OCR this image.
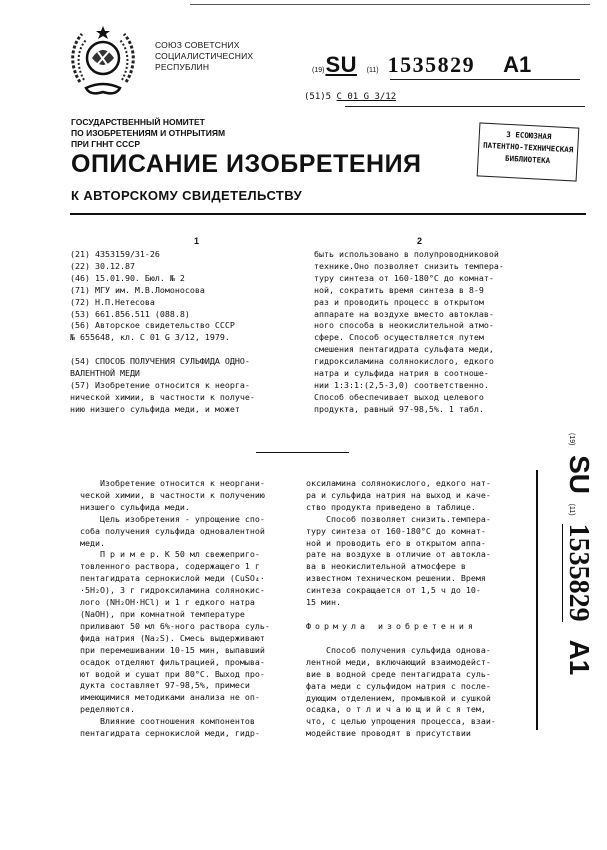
СОЮЗ СОВЕТСНИХ
СОЦИАЛИСТИЧЕСНИХ
РЕСПУБЛИН	(19)SU (11) 1535829 A1
(51)5 С 01 G 3/12
З ЕСОЮЗНАЯ
ПАТЕНТНО-ТЕХНИЧЕСКАЯ
БИБЛИОТЕКА
ГОСУДАРСТВЕННЫЙ НОМИТЕТ
ПО ИЗОБРЕТЕНИЯМ И ОТНРЫТИЯМ
ПРИ ГННТ СССР
ОПИСАНИЕ ИЗОБРЕТЕНИЯ
К АВТОРСКОМУ СВИДЕТЕЛЬСТВУ
1
(21) 4353159/31-26
(22) 30.12.87
(46) 15.01.90. Бюл. № 2
(71) МГУ им. М.В.Ломоносова
(72) Н.П.Нетесова
(53) 661.856.511 (088.8)
(56) Авторское свидетельство СССР
№ 655648, кл. С 01 G 3/12, 1979.
(54) СПОСОБ ПОЛУЧЕНИЯ СУЛЬФИДА ОДНО-
ВАЛЕНТНОЙ МЕДИ
(57) Изобретение относится к неорга-
нической химии, в частности к получе-
нию низшего сульфида меди, и может
2
быть использовано в полупроводниковой
технике.Оно позволяет снизить темпера-
туру синтеза от 160-180°С до комнат-
ной, сократить время синтеза в 8-9
раз и проводить процесс в открытом
аппарате на воздухе вместо автоклав-
ного способа в неокислительной атмо-
сфере. Способ осуществляется путем
смешения пентагидрата сульфата меди,
гидроксиламина солянокислого, едкого
натра и сульфида натрия в соотноше-
нии 1:3:1:(2,5-3,0) соответственно.
Способ обеспечивает выход целевого
продукта, равный 97-98,5%. 1 табл.
Изобретение относится к неоргани-
ческой химии, в частности к получению
низшего сульфида меди.
Цель изобретения - упрощение спо-
соба получения сульфида одновалентной
меди.
П р и м е р. К 50 мл свежеприго-
товленного раствора, содержащего 1 г
пентагидрата сернокислой меди (CuSO₄·
·5H₂O), 3 г гидроксиламина солянокис-
лого (NH₂OH·HCl) и 1 г едкого натра
(NaOH), при комнатной температуре
приливают 50 мл 6%-ного раствора суль-
фида натрия (Na₂S). Смесь выдерживают
при перемешивании 10-15 мин, выпавший
осадок отделяют фильтрацией, промыва-
ют водой и сушат при 80°С. Выход про-
дукта составляет 97-98,5%, примеси
имеющимися методиками анализа не оп-
ределяются.
Влияние соотношения компонентов
пентагидрата сернокислой меди, гидр-
оксиламина солянокислого, едкого нат-
ра и сульфида натрия на выход и каче-
ство продукта приведено в таблице.
Способ позволяет снизить.темпера-
туру синтеза от 160-180°С до комнат-
ной и проводить его в открытом аппа-
рате на воздухе в отличие от автокла-
ва в неокислительной атмосфере в
известном техническом решении. Время
синтеза сокращается от 1,5 ч до 10-
15 мин.
Формула изобретения
Способ получения сульфида однова-
лентной меди, включающий взаимодейст-
вие в водной среде пентагидрата суль-
фата меди с сульфидом натрия с после-
дующим отделением, промывкой и сушкой
осадка, о т л и ч а ю щ и й с я тем,
что, с целью упрощения процесса, взаи-
модействие проводят в присутствии
(19) SU (11)1535829A1
